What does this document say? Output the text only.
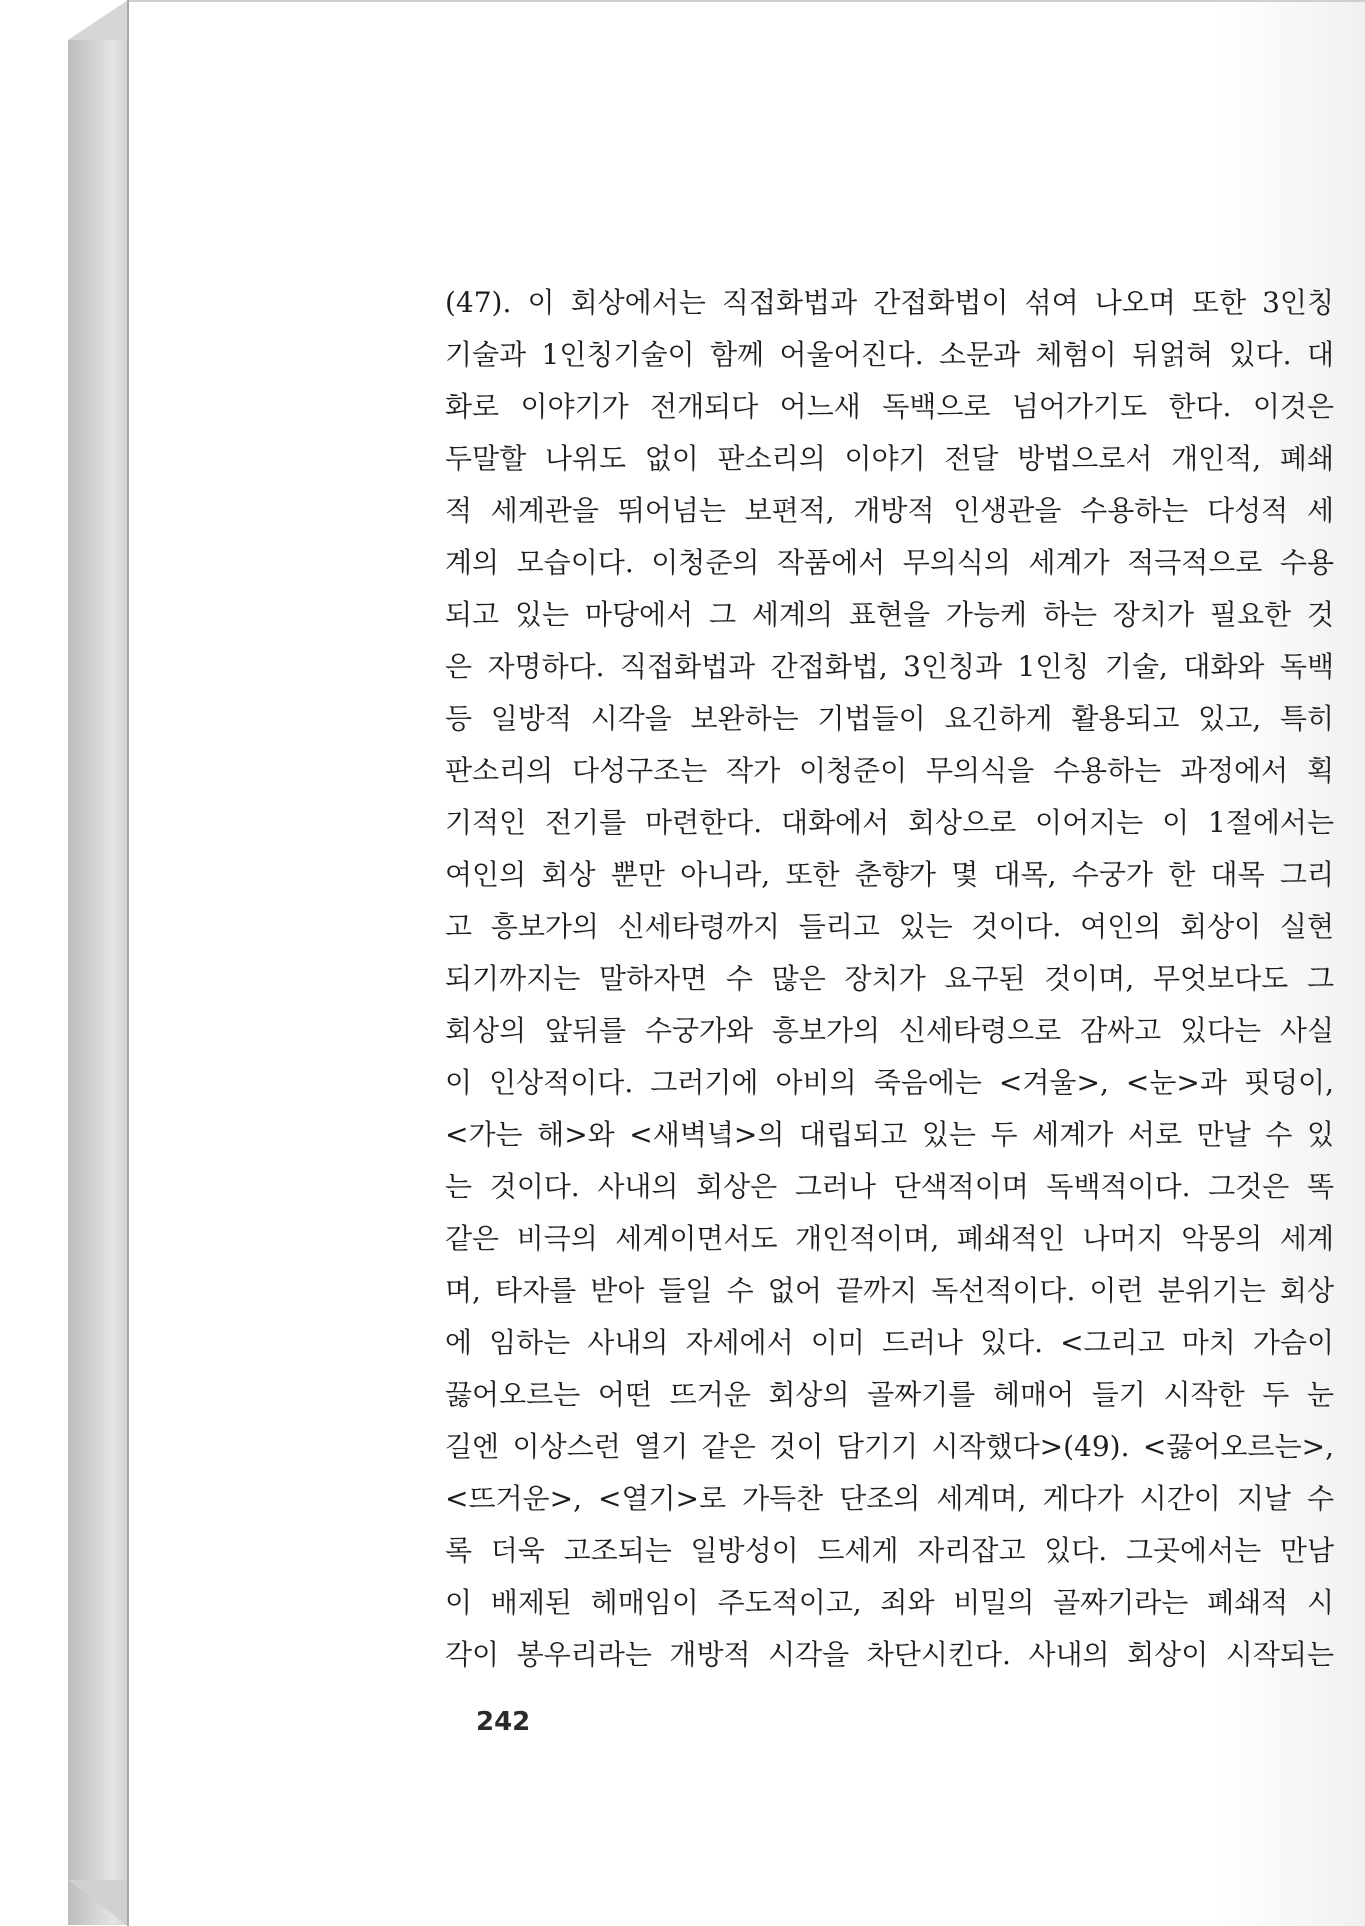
(47). 이 회상에서는 직접화법과 간접화법이 섞여 나오며 또한 3인칭
기술과 1인칭기술이 함께 어울어진다. 소문과 체험이 뒤얽혀 있다. 대
화로 이야기가 전개되다 어느새 독백으로 넘어가기도 한다. 이것은
두말할 나위도 없이 판소리의 이야기 전달 방법으로서 개인적, 폐쇄
적 세계관을 뛰어넘는 보편적, 개방적 인생관을 수용하는 다성적 세
계의 모습이다. 이청준의 작품에서 무의식의 세계가 적극적으로 수용
되고 있는 마당에서 그 세계의 표현을 가능케 하는 장치가 필요한 것
은 자명하다. 직접화법과 간접화법, 3인칭과 1인칭 기술, 대화와 독백
등 일방적 시각을 보완하는 기법들이 요긴하게 활용되고 있고, 특히
판소리의 다성구조는 작가 이청준이 무의식을 수용하는 과정에서 획
기적인 전기를 마련한다. 대화에서 회상으로 이어지는 이 1절에서는
여인의 회상 뿐만 아니라, 또한 춘향가 몇 대목, 수궁가 한 대목 그리
고 흥보가의 신세타령까지 들리고 있는 것이다. 여인의 회상이 실현
되기까지는 말하자면 수 많은 장치가 요구된 것이며, 무엇보다도 그
회상의 앞뒤를 수궁가와 흥보가의 신세타령으로 감싸고 있다는 사실
이 인상적이다. 그러기에 아비의 죽음에는 <겨울>, <눈>과 핏덩이,
<가는 해>와 <새벽녘>의 대립되고 있는 두 세계가 서로 만날 수 있
는 것이다. 사내의 회상은 그러나 단색적이며 독백적이다. 그것은 똑
같은 비극의 세계이면서도 개인적이며, 폐쇄적인 나머지 악몽의 세계
며, 타자를 받아 들일 수 없어 끝까지 독선적이다. 이런 분위기는 회상
에 임하는 사내의 자세에서 이미 드러나 있다. <그리고 마치 가슴이
끓어오르는 어떤 뜨거운 회상의 골짜기를 헤매어 들기 시작한 두 눈
길엔 이상스런 열기 같은 것이 담기기 시작했다>(49). <끓어오르는>,
<뜨거운>, <열기>로 가득찬 단조의 세계며, 게다가 시간이 지날 수
록 더욱 고조되는 일방성이 드세게 자리잡고 있다. 그곳에서는 만남
이 배제된 헤매임이 주도적이고, 죄와 비밀의 골짜기라는 폐쇄적 시
각이 봉우리라는 개방적 시각을 차단시킨다. 사내의 회상이 시작되는
242
